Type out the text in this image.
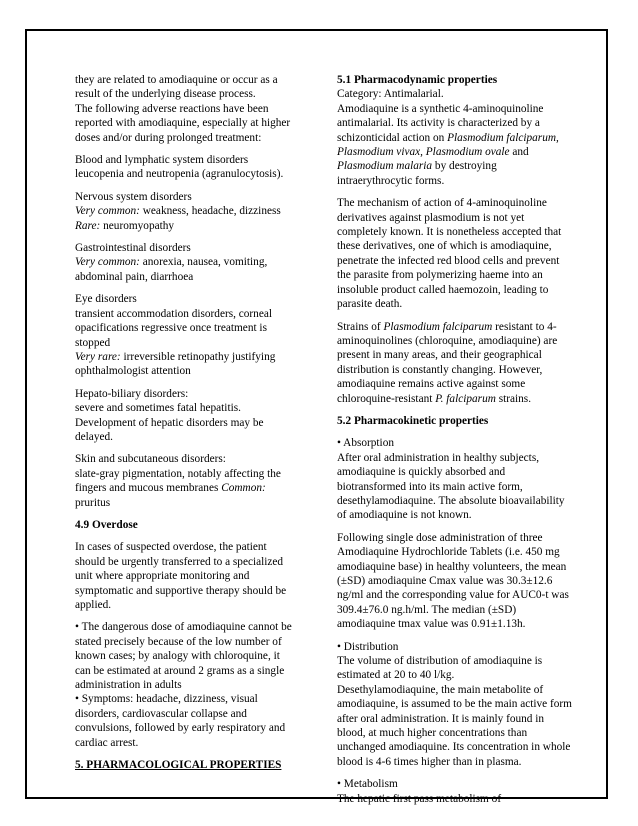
they are related to amodiaquine or occur as a result of the underlying disease process.

The following adverse reactions have been reported with amodiaquine, especially at higher doses and/or during prolonged treatment:

Blood and lymphatic system disorders
leucopenia and neutropenia (agranulocytosis).

Nervous system disorders
Very common: weakness, headache, dizziness
Rare: neuromyopathy

Gastrointestinal disorders
Very common: anorexia, nausea, vomiting, abdominal pain, diarrhoea

Eye disorders
transient accommodation disorders, corneal opacifications regressive once treatment is stopped
Very rare: irreversible retinopathy justifying ophthalmologist attention

Hepato-biliary disorders:
severe and sometimes fatal hepatitis. Development of hepatic disorders may be delayed.

Skin and subcutaneous disorders:
slate-gray pigmentation, notably affecting the fingers and mucous membranes Common:
pruritus

4.9 Overdose

In cases of suspected overdose, the patient should be urgently transferred to a specialized unit where appropriate monitoring and symptomatic and supportive therapy should be applied.

• The dangerous dose of amodiaquine cannot be stated precisely because of the low number of known cases; by analogy with chloroquine, it can be estimated at around 2 grams as a single administration in adults

• Symptoms: headache, dizziness, visual disorders, cardiovascular collapse and convulsions, followed by early respiratory and cardiac arrest.

5. PHARMACOLOGICAL PROPERTIES

5.1 Pharmacodynamic properties

Category: Antimalarial.

Amodiaquine is a synthetic 4-aminoquinoline antimalarial. Its activity is characterized by a schizonticidal action on Plasmodium falciparum, Plasmodium vivax, Plasmodium ovale and Plasmodium malaria by destroying intraerythrocytic forms.

The mechanism of action of 4-aminoquinoline derivatives against plasmodium is not yet completely known. It is nonetheless accepted that these derivatives, one of which is amodiaquine, penetrate the infected red blood cells and prevent the parasite from polymerizing haeme into an insoluble product called haemozoin, leading to parasite death.

Strains of Plasmodium falciparum resistant to 4-aminoquinolines (chloroquine, amodiaquine) are present in many areas, and their geographical distribution is constantly changing. However, amodiaquine remains active against some chloroquine-resistant P. falciparum strains.

5.2 Pharmacokinetic properties

• Absorption
After oral administration in healthy subjects, amodiaquine is quickly absorbed and biotransformed into its main active form, desethylamodiaquine. The absolute bioavailability of amodiaquine is not known.

Following single dose administration of three Amodiaquine Hydrochloride Tablets (i.e. 450 mg amodiaquine base) in healthy volunteers, the mean (±SD) amodiaquine Cmax value was 30.3±12.6 ng/ml and the corresponding value for AUC0-t was 309.4±76.0 ng.h/ml. The median (±SD) amodiaquine tmax value was 0.91±1.13h.

• Distribution
The volume of distribution of amodiaquine is estimated at 20 to 40 l/kg.
Desethylamodiaquine, the main metabolite of amodiaquine, is assumed to be the main active form after oral administration. It is mainly found in blood, at much higher concentrations than unchanged amodiaquine. Its concentration in whole blood is 4-6 times higher than in plasma.

• Metabolism
The hepatic first pass metabolism of
